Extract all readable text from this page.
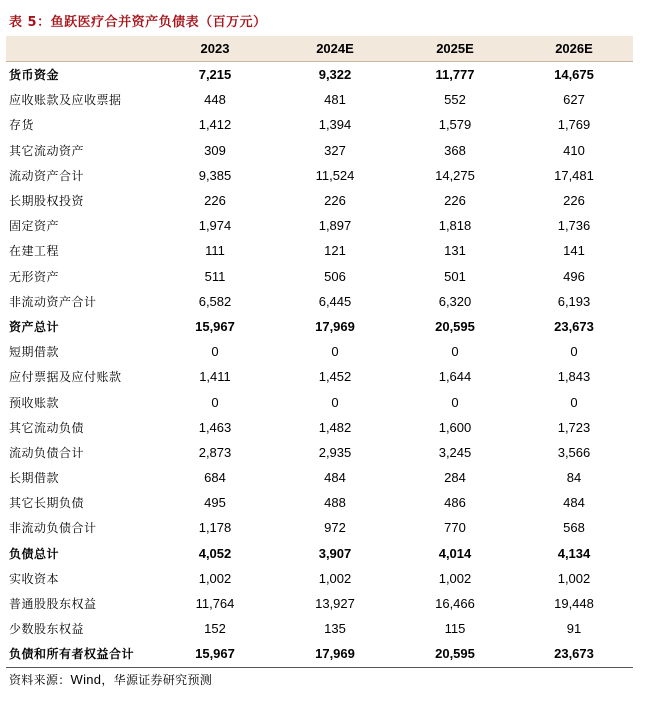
表 5：鱼跃医疗合并资产负债表（百万元）
	2023	2024E	2025E	2026E
货币资金	7,215	9,322	11,777	14,675
应收账款及应收票据	448	481	552	627
存货	1,412	1,394	1,579	1,769
其它流动资产	309	327	368	410
流动资产合计	9,385	11,524	14,275	17,481
长期股权投资	226	226	226	226
固定资产	1,974	1,897	1,818	1,736
在建工程	111	121	131	141
无形资产	511	506	501	496
非流动资产合计	6,582	6,445	6,320	6,193
资产总计	15,967	17,969	20,595	23,673
短期借款	0	0	0	0
应付票据及应付账款	1,411	1,452	1,644	1,843
预收账款	0	0	0	0
其它流动负债	1,463	1,482	1,600	1,723
流动负债合计	2,873	2,935	3,245	3,566
长期借款	684	484	284	84
其它长期负债	495	488	486	484
非流动负债合计	1,178	972	770	568
负债总计	4,052	3,907	4,014	4,134
实收资本	1,002	1,002	1,002	1,002
普通股股东权益	11,764	13,927	16,466	19,448
少数股东权益	152	135	115	91
负债和所有者权益合计	15,967	17,969	20,595	23,673
资料来源：Wind，华源证券研究预测
